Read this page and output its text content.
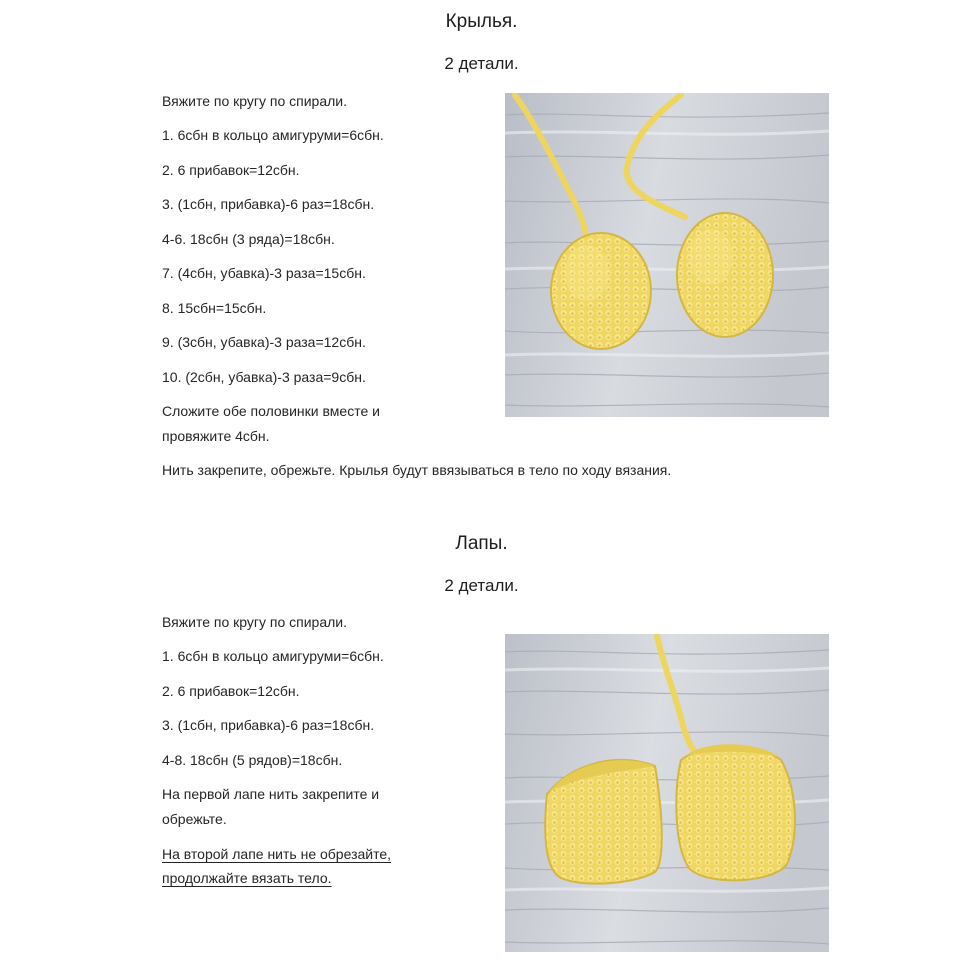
Крылья.
2 детали.
Вяжите по кругу по спирали.
1. 6сбн в кольцо амигуруми=6сбн.
2. 6 прибавок=12сбн.
3. (1сбн, прибавка)-6 раз=18сбн.
4-6. 18сбн (3 ряда)=18сбн.
7. (4сбн, убавка)-3 раза=15сбн.
8. 15сбн=15сбн.
9. (3сбн, убавка)-3 раза=12сбн.
10. (2сбн, убавка)-3 раза=9сбн.
Сложите обе половинки вместе и
провяжите 4сбн.
Нить закрепите, обрежьте. Крылья будут ввязываться в тело по ходу вязания.
Лапы.
2 детали.
Вяжите по кругу по спирали.
1. 6сбн в кольцо амигуруми=6сбн.
2. 6 прибавок=12сбн.
3. (1сбн, прибавка)-6 раз=18сбн.
4-8. 18сбн (5 рядов)=18сбн.
На первой лапе нить закрепите и
обрежьте.
На второй лапе нить не обрезайте,
продолжайте вязать тело.
